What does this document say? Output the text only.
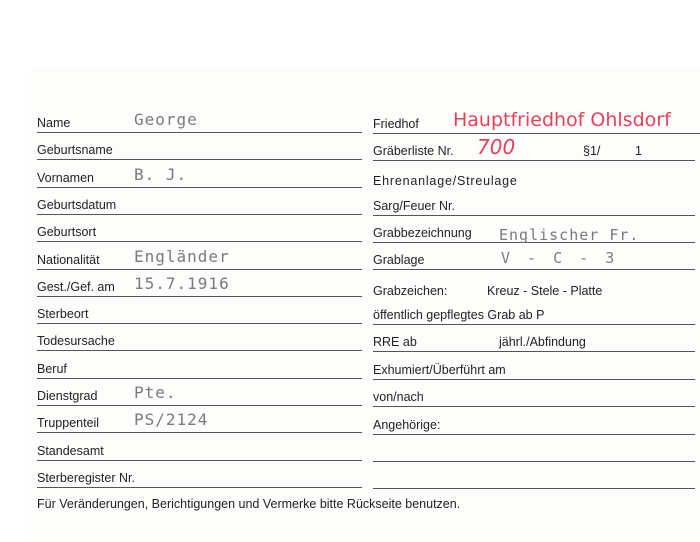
Name	George
Geburtsname
Vornamen	B. J.
Geburtsdatum
Geburtsort
Nationalität Engländer
Gest./Gef. am 15.7.1916
Sterbeort
Todesursache
Beruf
Dienstgrad Pte.
Truppenteil PS/2124
Standesamt
Sterberegister Nr.
Friedhof Hauptfriedhof Ohlsdorf
Gräberliste Nr. 700	§1/	1
Ehrenanlage/Streulage
Sarg/Feuer Nr.
Grabbezeichnung Englischer Fr.
Grablage	V - C - 3
Grabzeichen:	Kreuz - Stele - Platte
öffentlich gepflegtes Grab ab P
RRE ab	jährl./Abfindung
Exhumiert/Überführt am
von/nach
Angehörige:
Für Veränderungen, Berichtigungen und Vermerke bitte Rückseite benutzen.
